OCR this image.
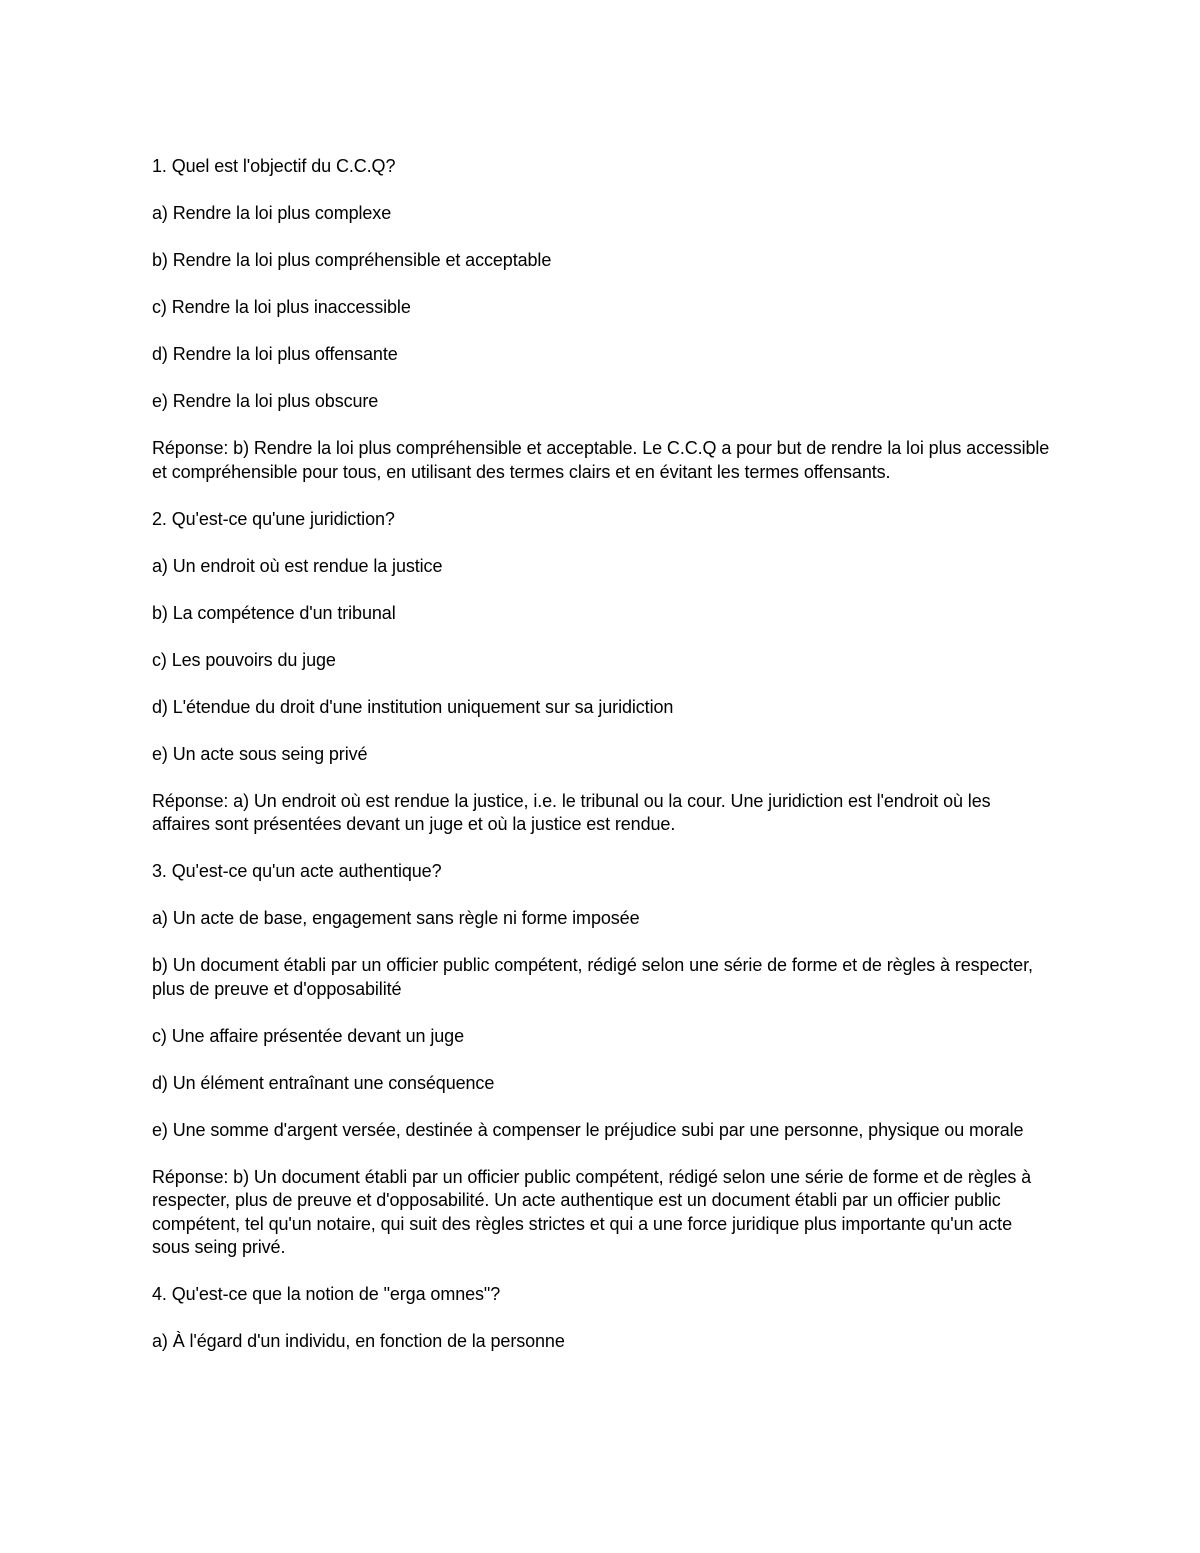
1. Quel est l'objectif du C.C.Q?

a) Rendre la loi plus complexe

b) Rendre la loi plus compréhensible et acceptable

c) Rendre la loi plus inaccessible

d) Rendre la loi plus offensante

e) Rendre la loi plus obscure

Réponse: b) Rendre la loi plus compréhensible et acceptable. Le C.C.Q a pour but de rendre la loi plus accessible et compréhensible pour tous, en utilisant des termes clairs et en évitant les termes offensants.

2. Qu'est-ce qu'une juridiction?

a) Un endroit où est rendue la justice

b) La compétence d'un tribunal

c) Les pouvoirs du juge

d) L'étendue du droit d'une institution uniquement sur sa juridiction

e) Un acte sous seing privé

Réponse: a) Un endroit où est rendue la justice, i.e. le tribunal ou la cour. Une juridiction est l'endroit où les affaires sont présentées devant un juge et où la justice est rendue.

3. Qu'est-ce qu'un acte authentique?

a) Un acte de base, engagement sans règle ni forme imposée

b) Un document établi par un officier public compétent, rédigé selon une série de forme et de règles à respecter, plus de preuve et d'opposabilité

c) Une affaire présentée devant un juge

d) Un élément entraînant une conséquence

e) Une somme d'argent versée, destinée à compenser le préjudice subi par une personne, physique ou morale

Réponse: b) Un document établi par un officier public compétent, rédigé selon une série de forme et de règles à respecter, plus de preuve et d'opposabilité. Un acte authentique est un document établi par un officier public compétent, tel qu'un notaire, qui suit des règles strictes et qui a une force juridique plus importante qu'un acte sous seing privé.

4. Qu'est-ce que la notion de "erga omnes"?

a) À l'égard d'un individu, en fonction de la personne
